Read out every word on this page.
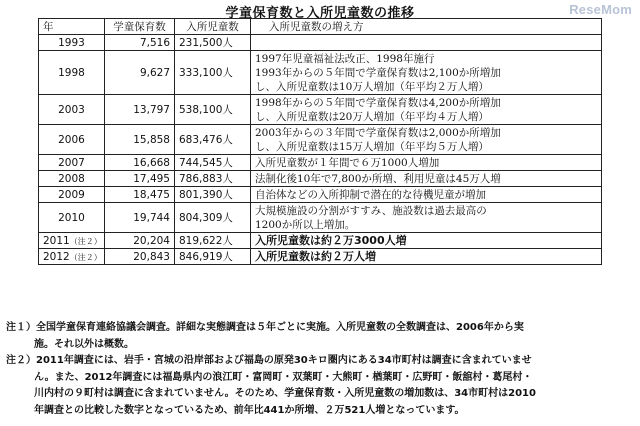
学童保育数と入所児童数の推移	ReseMom
年	学童保育数	入所児童数	入所児童数の増え方
1993	7,516	231,500人	
1998	9,627	333,100人	1997年児童福祉法改正、1998年施行
1993年からの５年間で学童保育数は2,100か所増加
し、入所児童数は10万人増加（年平均２万人増）

2003	13,797	538,100人	1998年からの５年間で学童保育数は4,200か所増加
し、入所児童数は20万人増加（年平均４万人増）

2006	15,858	683,476人	2003年からの３年間で学童保育数は2,000か所増加
し、入所児童数は15万人増加（年平均５万人増）

2007	16,668	744,545人	入所児童数が１年間で６万1000人増加

2008	17,495	786,883人	法制化後10年で7,800か所増、利用児童は45万人増

2009	18,475	801,390人	自治体などの入所抑制で潜在的な待機児童が増加

2010	19,744	804,309人	大規模施設の分割がすすみ、施設数は過去最高の
1200か所以上増加。

2011（注２）	20,204	819,622人	入所児童数は約２万3000人増

2012（注２）	20,843	846,919人	入所児童数は約２万人増
注１）全国学童保育連絡協議会調査。詳細な実態調査は５年ごとに実施。入所児童数の全数調査は、2006年から実
施。それ以外は概数。
注２）2011年調査には、岩手・宮城の沿岸部および福島の原発30キロ圏内にある34市町村は調査に含まれていませ
ん。また、2012年調査には福島県内の浪江町・富岡町・双葉町・大熊町・楢葉町・広野町・飯舘村・葛尾村・
川内村の９町村は調査に含まれていません。そのため、学童保育数・入所児童数の増加数は、34市町村は2010
年調査との比較した数字となっているため、前年比441か所増、２万521人増となっています。
